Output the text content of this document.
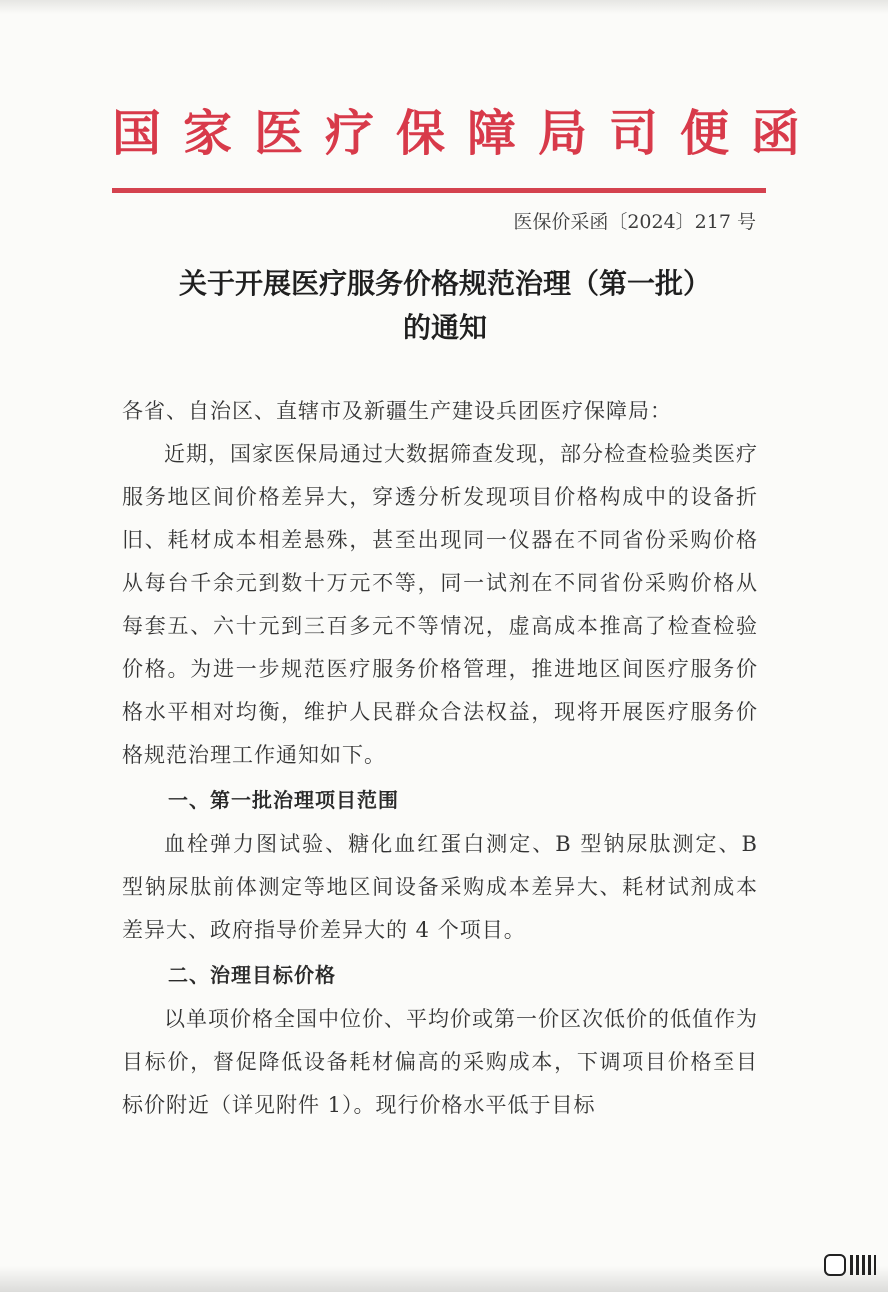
国家医疗保障局司便函
医保价采函〔2024〕217 号
关于开展医疗服务价格规范治理（第一批）
的通知

各省、自治区、直辖市及新疆生产建设兵团医疗保障局：

近期，国家医保局通过大数据筛查发现，部分检查检验类医疗服务地区间价格差异大，穿透分析发现项目价格构成中的设备折旧、耗材成本相差悬殊，甚至出现同一仪器在不同省份采购价格从每台千余元到数十万元不等，同一试剂在不同省份采购价格从每套五、六十元到三百多元不等情况，虚高成本推高了检查检验价格。为进一步规范医疗服务价格管理，推进地区间医疗服务价格水平相对均衡，维护人民群众合法权益，现将开展医疗服务价格规范治理工作通知如下。

一、第一批治理项目范围

血栓弹力图试验、糖化血红蛋白测定、B 型钠尿肽测定、B 型钠尿肽前体测定等地区间设备采购成本差异大、耗材试剂成本差异大、政府指导价差异大的 4 个项目。

二、治理目标价格

以单项价格全国中位价、平均价或第一价区次低价的低值作为目标价，督促降低设备耗材偏高的采购成本，下调项目价格至目标价附近（详见附件 1）。现行价格水平低于目标
